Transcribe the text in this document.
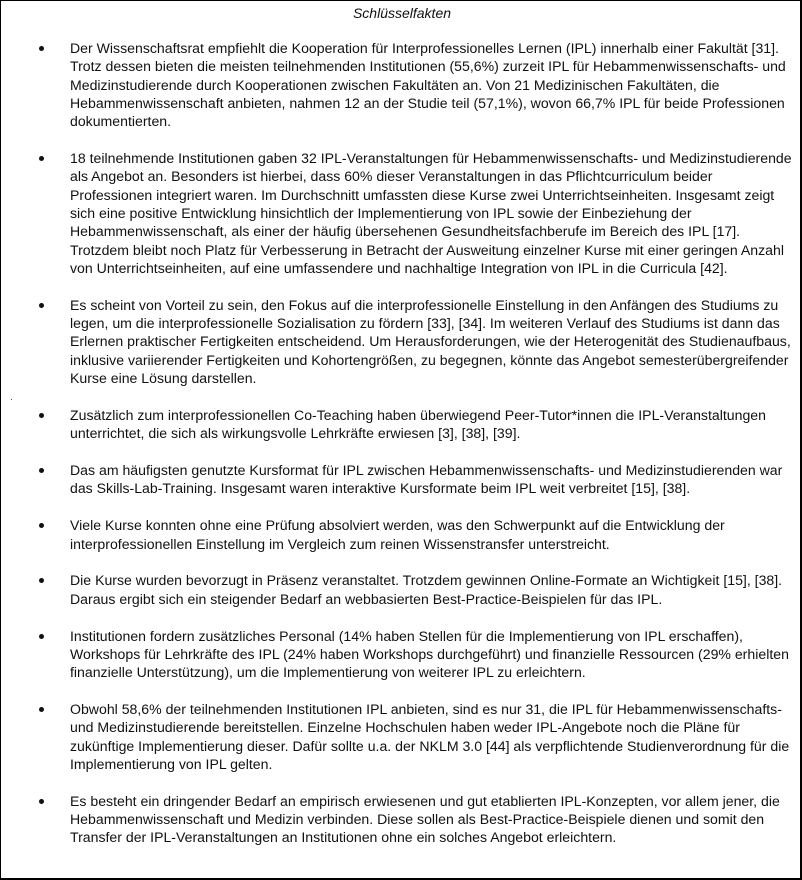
Schlüsselfakten
Der Wissenschaftsrat empfiehlt die Kooperation für Interprofessionelles Lernen (IPL) innerhalb einer Fakultät [31]. Trotz dessen bieten die meisten teilnehmenden Institutionen (55,6%) zurzeit IPL für Hebammenwissenschafts- und Medizinstudierende durch Kooperationen zwischen Fakultäten an. Von 21 Medizinischen Fakultäten, die Hebammenwissenschaft anbieten, nahmen 12 an der Studie teil (57,1%), wovon 66,7% IPL für beide Professionen dokumentierten.
18 teilnehmende Institutionen gaben 32 IPL-Veranstaltungen für Hebammenwissenschafts- und Medizinstudierende als Angebot an. Besonders ist hierbei, dass 60% dieser Veranstaltungen in das Pflichtcurriculum beider Professionen integriert waren. Im Durchschnitt umfassten diese Kurse zwei Unterrichtseinheiten. Insgesamt zeigt sich eine positive Entwicklung hinsichtlich der Implementierung von IPL sowie der Einbeziehung der Hebammenwissenschaft, als einer der häufig übersehenen Gesundheitsfachberufe im Bereich des IPL [17]. Trotzdem bleibt noch Platz für Verbesserung in Betracht der Ausweitung einzelner Kurse mit einer geringen Anzahl von Unterrichtseinheiten, auf eine umfassendere und nachhaltige Integration von IPL in die Curricula [42].
Es scheint von Vorteil zu sein, den Fokus auf die interprofessionelle Einstellung in den Anfängen des Studiums zu legen, um die interprofessionelle Sozialisation zu fördern [33], [34]. Im weiteren Verlauf des Studiums ist dann das Erlernen praktischer Fertigkeiten entscheidend. Um Herausforderungen, wie der Heterogenität des Studienaufbaus, inklusive variierender Fertigkeiten und Kohortengrößen, zu begegnen, könnte das Angebot semesterübergreifender Kurse eine Lösung darstellen.
Zusätzlich zum interprofessionellen Co-Teaching haben überwiegend Peer-Tutor*innen die IPL-Veranstaltungen unterrichtet, die sich als wirkungsvolle Lehrkräfte erwiesen [3], [38], [39].
Das am häufigsten genutzte Kursformat für IPL zwischen Hebammenwissenschafts- und Medizinstudierenden war das Skills-Lab-Training. Insgesamt waren interaktive Kursformate beim IPL weit verbreitet [15], [38].
Viele Kurse konnten ohne eine Prüfung absolviert werden, was den Schwerpunkt auf die Entwicklung der interprofessionellen Einstellung im Vergleich zum reinen Wissenstransfer unterstreicht.
Die Kurse wurden bevorzugt in Präsenz veranstaltet. Trotzdem gewinnen Online-Formate an Wichtigkeit [15], [38]. Daraus ergibt sich ein steigender Bedarf an webbasierten Best-Practice-Beispielen für das IPL.
Institutionen fordern zusätzliches Personal (14% haben Stellen für die Implementierung von IPL erschaffen), Workshops für Lehrkräfte des IPL (24% haben Workshops durchgeführt) und finanzielle Ressourcen (29% erhielten finanzielle Unterstützung), um die Implementierung von weiterer IPL zu erleichtern.
Obwohl 58,6% der teilnehmenden Institutionen IPL anbieten, sind es nur 31, die IPL für Hebammenwissenschafts- und Medizinstudierende bereitstellen. Einzelne Hochschulen haben weder IPL-Angebote noch die Pläne für zukünftige Implementierung dieser. Dafür sollte u.a. der NKLM 3.0 [44] als verpflichtende Studienverordnung für die Implementierung von IPL gelten.
Es besteht ein dringender Bedarf an empirisch erwiesenen und gut etablierten IPL-Konzepten, vor allem jener, die Hebammenwissenschaft und Medizin verbinden. Diese sollen als Best-Practice-Beispiele dienen und somit den Transfer der IPL-Veranstaltungen an Institutionen ohne ein solches Angebot erleichtern.
